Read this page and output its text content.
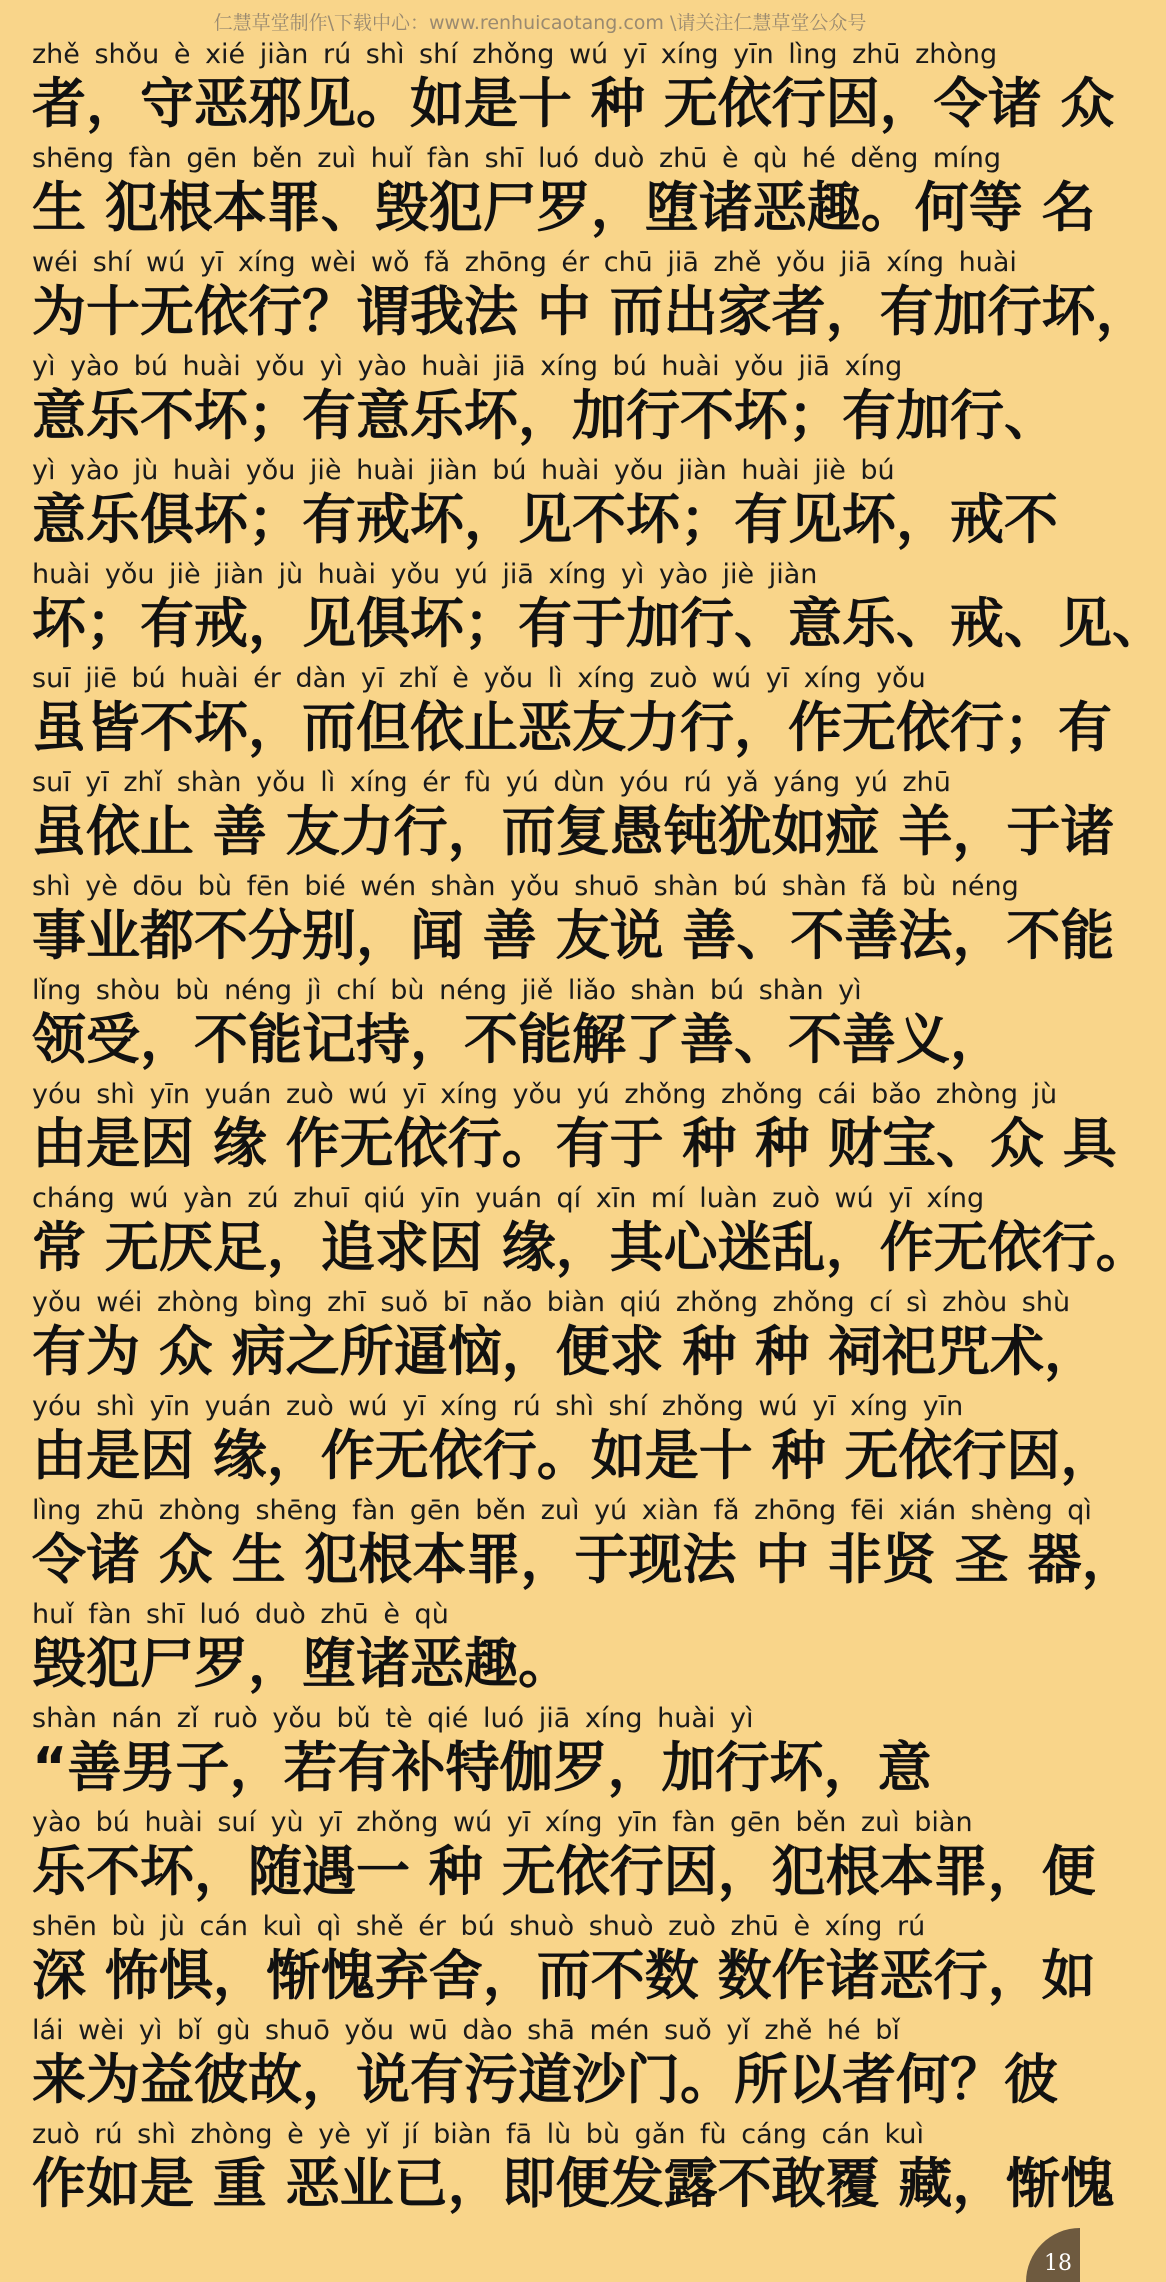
仁慧草堂制作\下载中心：www.renhuicaotang.com \请关注仁慧草堂公众号
zhě shǒu è xié jiàn rú shì shí zhǒng wú yī xíng yīn lìng zhū zhòng
者，守恶邪见。如是十 种 无依行因，令诸 众
shēng fàn gēn běn zuì huǐ fàn shī luó duò zhū è qù hé děng míng
生 犯根本罪、毁犯尸罗，堕诸恶趣。何等 名
wéi shí wú yī xíng wèi wǒ fǎ zhōng ér chū jiā zhě yǒu jiā xíng huài
为十无依行？谓我法 中 而出家者，有加行坏，
yì yào bú huài yǒu yì yào huài jiā xíng bú huài yǒu jiā xíng
意乐不坏；有意乐坏，加行不坏；有加行、
yì yào jù huài yǒu jiè huài jiàn bú huài yǒu jiàn huài jiè bú
意乐俱坏；有戒坏，见不坏；有见坏，戒不
huài yǒu jiè jiàn jù huài yǒu yú jiā xíng yì yào jiè jiàn
坏；有戒，见俱坏；有于加行、意乐、戒、见、
suī jiē bú huài ér dàn yī zhǐ è yǒu lì xíng zuò wú yī xíng yǒu
虽皆不坏，而但依止恶友力行，作无依行；有
suī yī zhǐ shàn yǒu lì xíng ér fù yú dùn yóu rú yǎ yáng yú zhū
虽依止 善 友力行，而复愚钝犹如痖 羊，于诸
shì yè dōu bù fēn bié wén shàn yǒu shuō shàn bú shàn fǎ bù néng
事业都不分别，闻 善 友说 善、不善法，不能
lǐng shòu bù néng jì chí bù néng jiě liǎo shàn bú shàn yì
领受，不能记持，不能解了善、不善义，
yóu shì yīn yuán zuò wú yī xíng yǒu yú zhǒng zhǒng cái bǎo zhòng jù
由是因 缘 作无依行。有于 种 种 财宝、众 具
cháng wú yàn zú zhuī qiú yīn yuán qí xīn mí luàn zuò wú yī xíng
常 无厌足，追求因 缘，其心迷乱，作无依行。
yǒu wéi zhòng bìng zhī suǒ bī nǎo biàn qiú zhǒng zhǒng cí sì zhòu shù
有为 众 病之所逼恼，便求 种 种 祠祀咒术，
yóu shì yīn yuán zuò wú yī xíng rú shì shí zhǒng wú yī xíng yīn
由是因 缘，作无依行。如是十 种 无依行因，
lìng zhū zhòng shēng fàn gēn běn zuì yú xiàn fǎ zhōng fēi xián shèng qì
令诸 众 生 犯根本罪，于现法 中 非贤 圣 器，
huǐ fàn shī luó duò zhū è qù
毁犯尸罗，堕诸恶趣。
shàn nán zǐ ruò yǒu bǔ tè qié luó jiā xíng huài yì
“善男子，若有补特伽罗，加行坏，意
yào bú huài suí yù yī zhǒng wú yī xíng yīn fàn gēn běn zuì biàn
乐不坏，随遇一 种 无依行因，犯根本罪，便
shēn bù jù cán kuì qì shě ér bú shuò shuò zuò zhū è xíng rú
深 怖惧，惭愧弃舍，而不数 数作诸恶行，如
lái wèi yì bǐ gù shuō yǒu wū dào shā mén suǒ yǐ zhě hé bǐ
来为益彼故，说有污道沙门。所以者何？彼
zuò rú shì zhòng è yè yǐ jí biàn fā lù bù gǎn fù cáng cán kuì
作如是 重 恶业已，即便发露不敢覆 藏，惭愧
18
